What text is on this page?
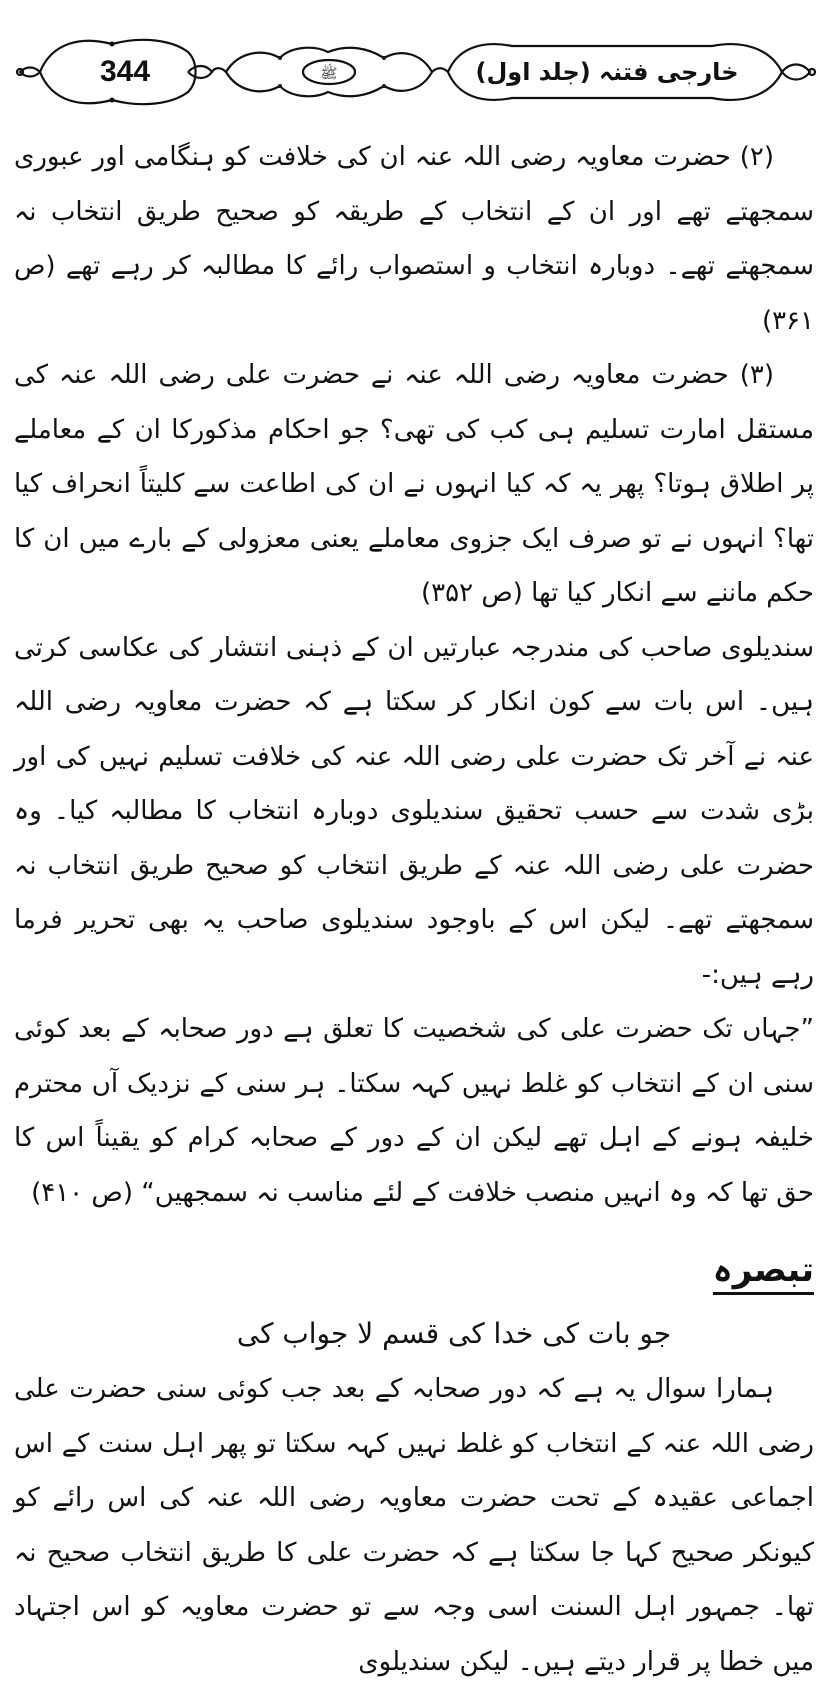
ﷺ
344	خارجی فتنہ (جلد اول)

(۲) حضرت معاویہ رضی اللہ عنہ ان کی خلافت کو ہنگامی اور عبوری سمجھتے تھے اور ان کے انتخاب کے طریقہ کو صحیح طریق انتخاب نہ سمجھتے تھے۔ دوبارہ انتخاب و استصواب رائے کا مطالبہ کر رہے تھے (ص ۳۶۱)

(۳) حضرت معاویہ رضی اللہ عنہ نے حضرت علی رضی اللہ عنہ کی مستقل امارت تسلیم ہی کب کی تھی؟ جو احکام مذکورکا ان کے معاملے پر اطلاق ہوتا؟ پھر یہ کہ کیا انہوں نے ان کی اطاعت سے کلیتاً انحراف کیا تھا؟ انہوں نے تو صرف ایک جزوی معاملے یعنی معزولی کے بارے میں ان کا حکم ماننے سے انکار کیا تھا (ص ۳۵۲)

سندیلوی صاحب کی مندرجہ عبارتیں ان کے ذہنی انتشار کی عکاسی کرتی ہیں۔ اس بات سے کون انکار کر سکتا ہے کہ حضرت معاویہ رضی اللہ عنہ نے آخر تک حضرت علی رضی اللہ عنہ کی خلافت تسلیم نہیں کی اور بڑی شدت سے حسب تحقیق سندیلوی دوبارہ انتخاب کا مطالبہ کیا۔ وہ حضرت علی رضی اللہ عنہ کے طریق انتخاب کو صحیح طریق انتخاب نہ سمجھتے تھے۔ لیکن اس کے باوجود سندیلوی صاحب یہ بھی تحریر فرما رہے ہیں:-

”جہاں تک حضرت علی کی شخصیت کا تعلق ہے دور صحابہ کے بعد کوئی سنی ان کے انتخاب کو غلط نہیں کہہ سکتا۔ ہر سنی کے نزدیک آں محترم خلیفہ ہونے کے اہل تھے لیکن ان کے دور کے صحابہ کرام کو یقیناً اس کا حق تھا کہ وہ انہیں منصب خلافت کے لئے مناسب نہ سمجھیں“ (ص ۴۱۰)

تبصرہ

جو بات کی خدا کی قسم لا جواب کی

ہمارا سوال یہ ہے کہ دور صحابہ کے بعد جب کوئی سنی حضرت علی رضی اللہ عنہ کے انتخاب کو غلط نہیں کہہ سکتا تو پھر اہل سنت کے اس اجماعی عقیدہ کے تحت حضرت معاویہ رضی اللہ عنہ کی اس رائے کو کیونکر صحیح کہا جا سکتا ہے کہ حضرت علی کا طریق انتخاب صحیح نہ تھا۔ جمہور اہل السنت اسی وجہ سے تو حضرت معاویہ کو اس اجتہاد میں خطا پر قرار دیتے ہیں۔ لیکن سندیلوی
